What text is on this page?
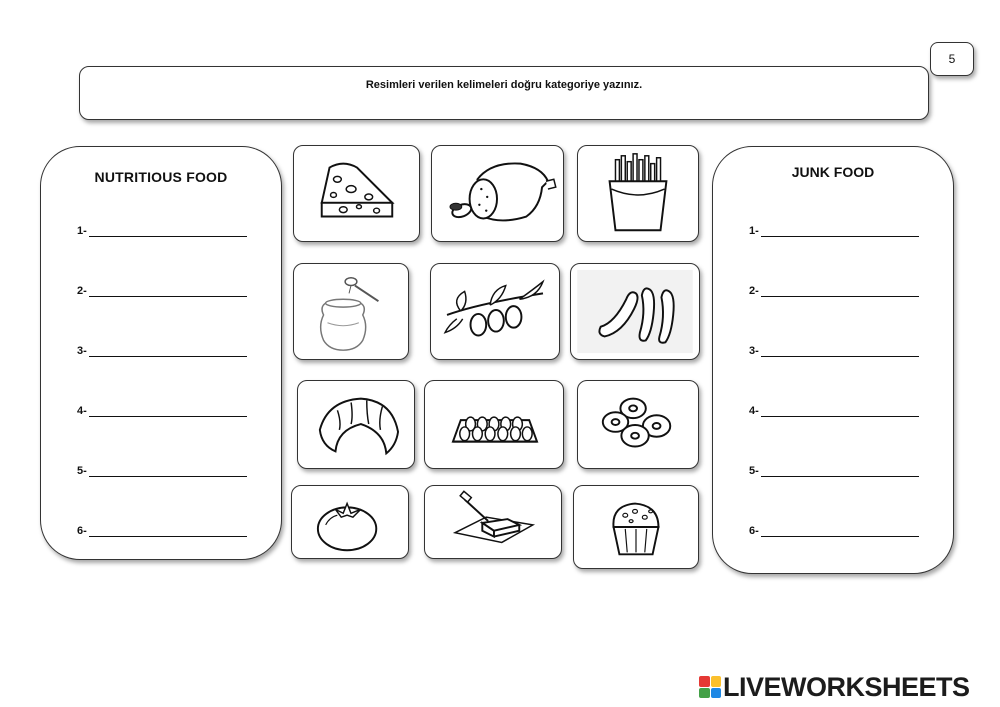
5
Resimleri verilen kelimeleri doğru kategoriye yazınız.
NUTRITIOUS FOOD
1-
2-
3-
4-
5-
6-
JUNK FOOD
1-
2-
3-
4-
5-
6-
LIVEWORKSHEETS
